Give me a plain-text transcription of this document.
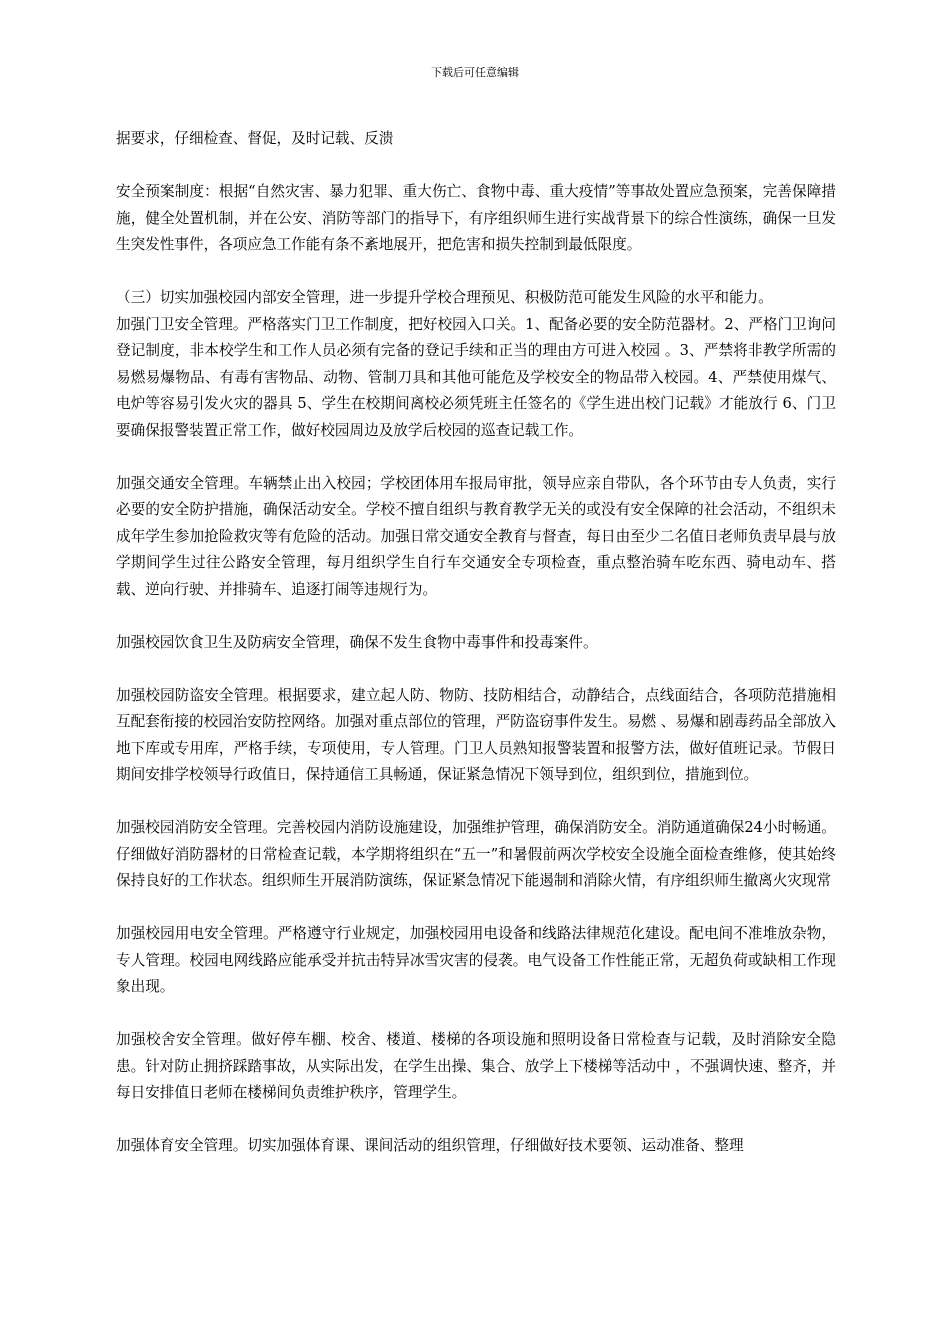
下载后可任意编辑

据要求，仔细检查、督促，及时记载、反溃

安全预案制度：根据“自然灾害、暴力犯罪、重大伤亡、食物中毒、重大疫情”等事故处置应急预案，完善保障措施，健全处置机制，并在公安、消防等部门的指导下，有序组织师生进行实战背景下的综合性演练，确保一旦发生突发性事件，各项应急工作能有条不紊地展开，把危害和损失控制到最低限度。

（三）切实加强校园内部安全管理，进一步提升学校合理预见、积极防范可能发生风险的水平和能力。

加强门卫安全管理。严格落实门卫工作制度，把好校园入口关。1、配备必要的安全防范器材。2、严格门卫询问登记制度，非本校学生和工作人员必须有完备的登记手续和正当的理由方可进入校园 。3、严禁将非教学所需的易燃易爆物品、有毒有害物品、动物、管制刀具和其他可能危及学校安全的物品带入校园。4、严禁使用煤气、电炉等容易引发火灾的器具 5、学生在校期间离校必须凭班主任签名的《学生进出校门记载》才能放行 6、门卫要确保报警装置正常工作，做好校园周边及放学后校园的巡查记载工作。

加强交通安全管理。车辆禁止出入校园；学校团体用车报局审批，领导应亲自带队，各个环节由专人负责，实行必要的安全防护措施，确保活动安全。学校不擅自组织与教育教学无关的或没有安全保障的社会活动，不组织未成年学生参加抢险救灾等有危险的活动。加强日常交通安全教育与督查，每日由至少二名值日老师负责早晨与放学期间学生过往公路安全管理，每月组织学生自行车交通安全专项检查，重点整治骑车吃东西、骑电动车、搭载、逆向行驶、并排骑车、追逐打闹等违规行为。

加强校园饮食卫生及防病安全管理，确保不发生食物中毒事件和投毒案件。

加强校园防盗安全管理。根据要求，建立起人防、物防、技防相结合，动静结合，点线面结合，各项防范措施相互配套衔接的校园治安防控网络。加强对重点部位的管理，严防盗窃事件发生。易燃 、易爆和剧毒药品全部放入地下库或专用库，严格手续，专项使用，专人管理。门卫人员熟知报警装置和报警方法，做好值班记录。节假日期间安排学校领导行政值日，保持通信工具畅通，保证紧急情况下领导到位，组织到位，措施到位。

加强校园消防安全管理。完善校园内消防设施建设，加强维护管理，确保消防安全。消防通道确保24小时畅通。仔细做好消防器材的日常检查记载，本学期将组织在“五一”和暑假前两次学校安全设施全面检查维修，使其始终保持良好的工作状态。组织师生开展消防演练，保证紧急情况下能遏制和消除火情，有序组织师生撤离火灾现常

加强校园用电安全管理。严格遵守行业规定，加强校园用电设备和线路法律规范化建设。配电间不准堆放杂物，专人管理。校园电网线路应能承受并抗击特异冰雪灾害的侵袭。电气设备工作性能正常，无超负荷或缺相工作现象出现。

加强校舍安全管理。做好停车棚、校舍、楼道、楼梯的各项设施和照明设备日常检查与记载，及时消除安全隐患。针对防止拥挤踩踏事故，从实际出发，在学生出操、集合、放学上下楼梯等活动中 ，不强调快速、整齐，并每日安排值日老师在楼梯间负责维护秩序，管理学生。

加强体育安全管理。切实加强体育课、课间活动的组织管理，仔细做好技术要领、运动准备、整理
